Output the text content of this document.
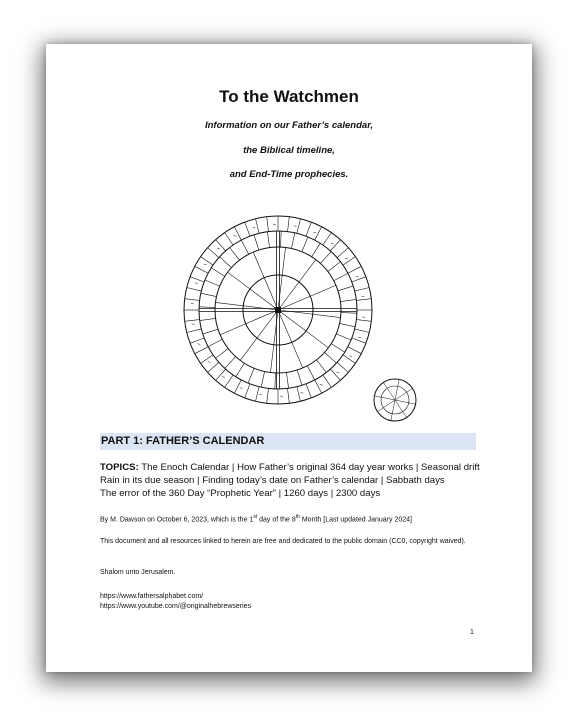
To the Watchmen
Information on our Father’s calendar,
the Biblical timeline,
and End-Time prophecies.
PART 1: FATHER’S CALENDAR
TOPICS: The Enoch Calendar | How Father’s original 364 day year works | Seasonal drift
Rain in its due season | Finding today’s date on Father’s calendar | Sabbath days
The error of the 360 Day “Prophetic Year” | 1260 days | 2300 days
By M. Dawson on October 6, 2023, which is the 1st day of the 8th Month [Last updated January 2024]
This document and all resources linked to herein are free and dedicated to the public domain (CC0, copyright waived).
Shalom unto Jerusalem.
https://www.fathersalphabet.com/
https://www.youtube.com/@originalhebrewseries
1
